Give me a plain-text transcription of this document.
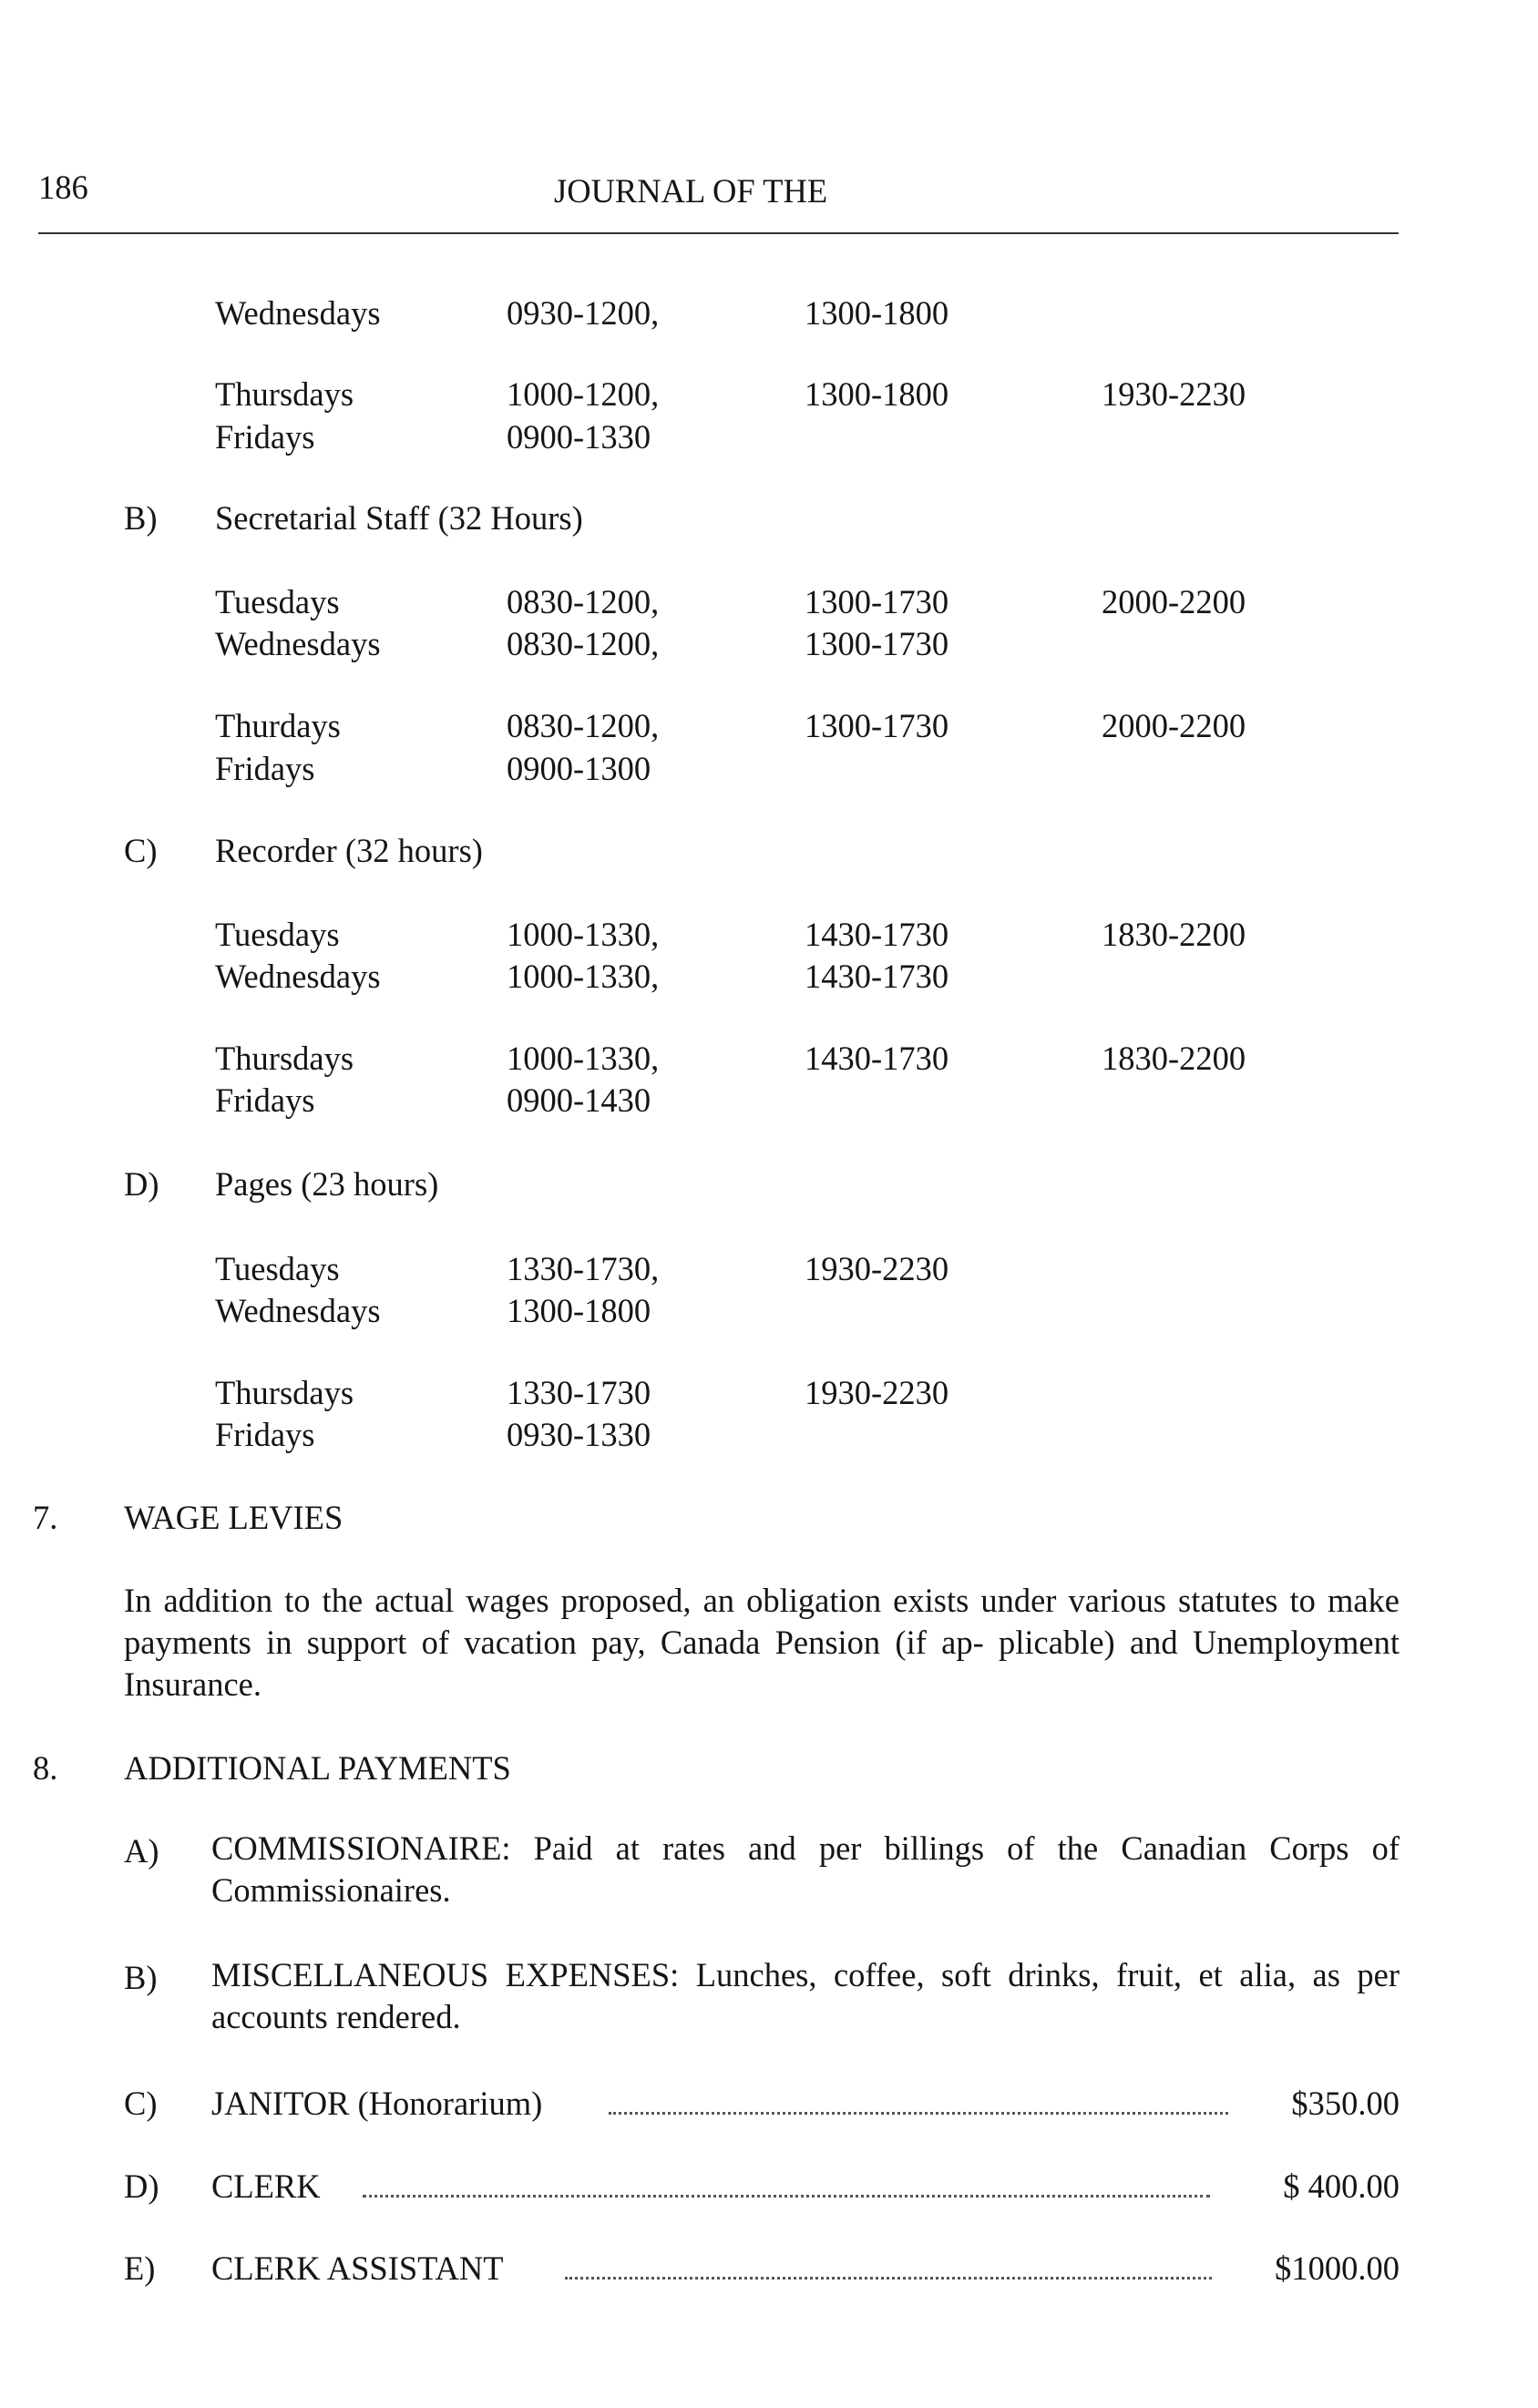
186	JOURNAL OF THE
Wednesdays	0930-1200,	1300-1800
Thursdays	1000-1200,	1300-1800	1930-2230
Fridays	0900-1330
B) Secretarial Staff (32 Hours)
Tuesdays	0830-1200,	1300-1730	2000-2200
Wednesdays	0830-1200,	1300-1730
Thurdays	0830-1200,	1300-1730	2000-2200
Fridays	0900-1300
C) Recorder (32 hours)
Tuesdays	1000-1330,	1430-1730	1830-2200
Wednesdays	1000-1330,	1430-1730
Thursdays	1000-1330,	1430-1730	1830-2200
Fridays	0900-1430
D) Pages (23 hours)
Tuesdays	1330-1730,	1930-2230
Wednesdays	1300-1800
Thursdays	1330-1730	1930-2230
Fridays	0930-1330
7. WAGE LEVIES
In addition to the actual wages proposed, an obligation exists under various statutes to make payments in support of vacation pay, Canada Pension (if ap- plicable) and Unemployment Insurance.
8. ADDITIONAL PAYMENTS
A) COMMISSIONAIRE: Paid at rates and per billings of the Canadian Corps of Commissionaires.
B) MISCELLANEOUS EXPENSES: Lunches, coffee, soft drinks, fruit, et alia, as per accounts rendered.
C) JANITOR (Honorarium)	$350.00
D) CLERK	$ 400.00
E) CLERK ASSISTANT	$1000.00
